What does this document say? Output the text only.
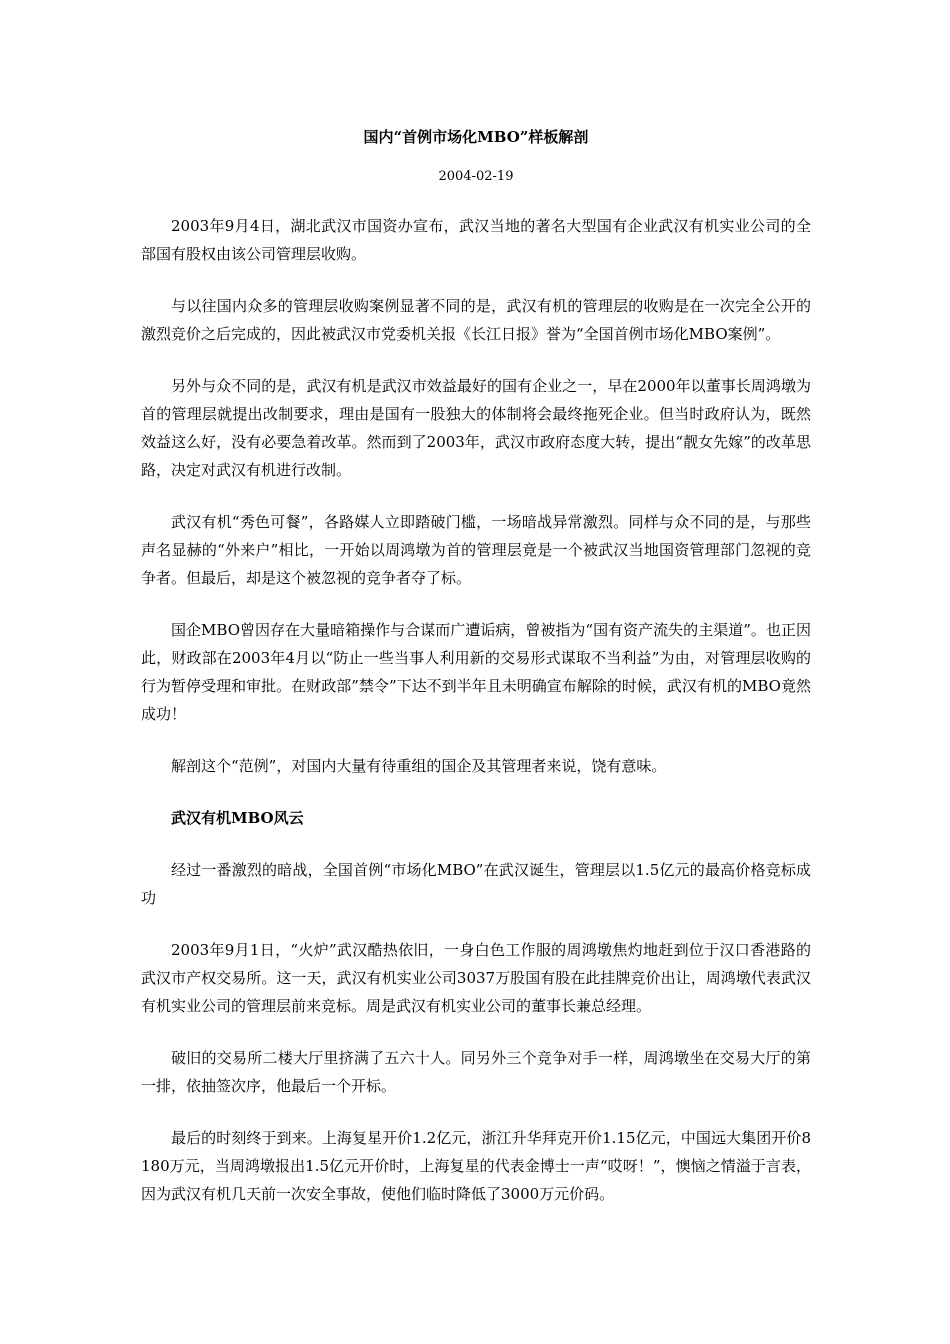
国内“首例市场化MBO”样板解剖
2004-02-19

2003年9月4日，湖北武汉市国资办宣布，武汉当地的著名大型国有企业武汉有机实业公司的全部国有股权由该公司管理层收购。

与以往国内众多的管理层收购案例显著不同的是，武汉有机的管理层的收购是在一次完全公开的激烈竞价之后完成的，因此被武汉市党委机关报《长江日报》誉为“全国首例市场化MBO案例”。

另外与众不同的是，武汉有机是武汉市效益最好的国有企业之一，早在2000年以董事长周鸿墩为首的管理层就提出改制要求，理由是国有一股独大的体制将会最终拖死企业。但当时政府认为，既然效益这么好，没有必要急着改革。然而到了2003年，武汉市政府态度大转，提出“靓女先嫁”的改革思路，决定对武汉有机进行改制。

武汉有机“秀色可餐”，各路媒人立即踏破门槛，一场暗战异常激烈。同样与众不同的是，与那些声名显赫的“外来户”相比，一开始以周鸿墩为首的管理层竟是一个被武汉当地国资管理部门忽视的竞争者。但最后，却是这个被忽视的竞争者夺了标。

国企MBO曾因存在大量暗箱操作与合谋而广遭诟病，曾被指为“国有资产流失的主渠道”。也正因此，财政部在2003年4月以“防止一些当事人利用新的交易形式谋取不当利益”为由，对管理层收购的行为暂停受理和审批。在财政部”禁令”下达不到半年且未明确宣布解除的时候，武汉有机的MBO竟然成功！

解剖这个“范例”，对国内大量有待重组的国企及其管理者来说，饶有意味。

武汉有机MBO风云

经过一番激烈的暗战，全国首例“市场化MBO”在武汉诞生，管理层以1.5亿元的最高价格竞标成功

2003年9月1日，“火炉”武汉酷热依旧，一身白色工作服的周鸿墩焦灼地赶到位于汉口香港路的武汉市产权交易所。这一天，武汉有机实业公司3037万股国有股在此挂牌竞价出让，周鸿墩代表武汉有机实业公司的管理层前来竞标。周是武汉有机实业公司的董事长兼总经理。

破旧的交易所二楼大厅里挤满了五六十人。同另外三个竞争对手一样，周鸿墩坐在交易大厅的第一排，依抽签次序，他最后一个开标。

最后的时刻终于到来。上海复星开价1.2亿元，浙江升华拜克开价1.15亿元，中国远大集团开价8180万元，当周鸿墩报出1.5亿元开价时，上海复星的代表金博士一声“哎呀！”，懊恼之情溢于言表，因为武汉有机几天前一次安全事故，使他们临时降低了3000万元价码。
